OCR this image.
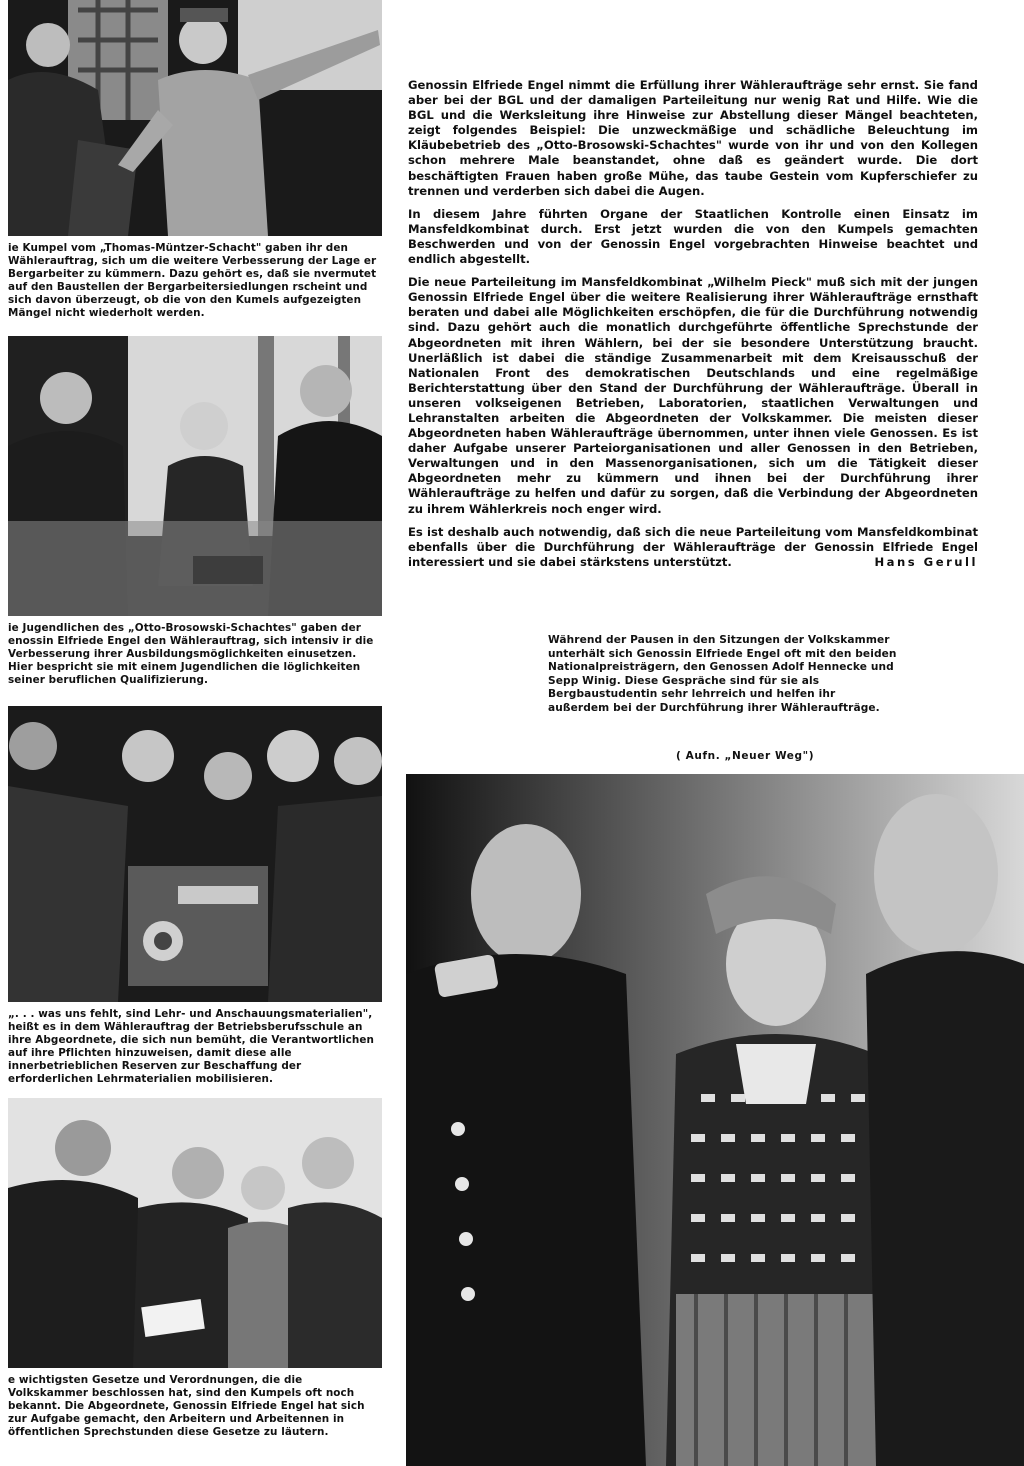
ie Kumpel vom „Thomas-Müntzer-Schacht" gaben ihr den Wählerauftrag, sich um die weitere Verbesserung der Lage er Bergarbeiter zu kümmern. Dazu gehört es, daß sie nvermutet auf den Baustellen der Bergarbeitersiedlungen rscheint und sich davon überzeugt, ob die von den Kumels aufgezeigten Mängel nicht wiederholt werden.

ie Jugendlichen des „Otto-Brosowski-Schachtes" gaben der enossin Elfriede Engel den Wählerauftrag, sich intensiv ir die Verbesserung ihrer Ausbildungsmöglichkeiten einusetzen. Hier bespricht sie mit einem Jugendlichen die löglichkeiten seiner beruflichen Qualifizierung.

„. . . was uns fehlt, sind Lehr- und Anschauungsmaterialien", heißt es in dem Wählerauftrag der Betriebsberufsschule an ihre Abgeordnete, die sich nun bemüht, die Verantwortlichen auf ihre Pflichten hinzuweisen, damit diese alle innerbetrieblichen Reserven zur Beschaffung der erforderlichen Lehrmaterialien mobilisieren.

e wichtigsten Gesetze und Verordnungen, die die Volkskammer beschlossen hat, sind den Kumpels oft noch bekannt. Die Abgeordnete, Genossin Elfriede Engel hat sich zur Aufgabe gemacht, den Arbeitern und Arbeitennen in öffentlichen Sprechstunden diese Gesetze zu läutern.

Genossin Elfriede Engel nimmt die Erfüllung ihrer Wähleraufträge sehr ernst. Sie fand aber bei der BGL und der damaligen Parteileitung nur wenig Rat und Hilfe. Wie die BGL und die Werksleitung ihre Hinweise zur Abstellung dieser Mängel beachteten, zeigt folgendes Beispiel: Die unzweckmäßige und schädliche Beleuchtung im Kläubebetrieb des „Otto-Brosowski-Schachtes" wurde von ihr und von den Kollegen schon mehrere Male beanstandet, ohne daß es geändert wurde. Die dort beschäftigten Frauen haben große Mühe, das taube Gestein vom Kupferschiefer zu trennen und verderben sich dabei die Augen.

In diesem Jahre führten Organe der Staatlichen Kontrolle einen Einsatz im Mansfeldkombinat durch. Erst jetzt wurden die von den Kumpels gemachten Beschwerden und von der Genossin Engel vorgebrachten Hinweise beachtet und endlich abgestellt.

Die neue Parteileitung im Mansfeldkombinat „Wilhelm Pieck" muß sich mit der jungen Genossin Elfriede Engel über die weitere Realisierung ihrer Wähleraufträge ernsthaft beraten und dabei alle Möglichkeiten erschöpfen, die für die Durchführung notwendig sind. Dazu gehört auch die monatlich durchgeführte öffentliche Sprechstunde der Abgeordneten mit ihren Wählern, bei der sie besondere Unterstützung braucht. Unerläßlich ist dabei die ständige Zusammenarbeit mit dem Kreisausschuß der Nationalen Front des demokratischen Deutschlands und eine regelmäßige Berichterstattung über den Stand der Durchführung der Wähleraufträge. Überall in unseren volkseigenen Betrieben, Laboratorien, staatlichen Verwaltungen und Lehranstalten arbeiten die Abgeordneten der Volkskammer. Die meisten dieser Abgeordneten haben Wähleraufträge übernommen, unter ihnen viele Genossen. Es ist daher Aufgabe unserer Parteiorganisationen und aller Genossen in den Betrieben, Verwaltungen und in den Massenorganisationen, sich um die Tätigkeit dieser Abgeordneten mehr zu kümmern und ihnen bei der Durchführung ihrer Wähleraufträge zu helfen und dafür zu sorgen, daß die Verbindung der Abgeordneten zu ihrem Wählerkreis noch enger wird.

Es ist deshalb auch notwendig, daß sich die neue Parteileitung vom Mansfeldkombinat ebenfalls über die Durchführung der Wähleraufträge der Genossin Elfriede Engel interessiert und sie dabei stärkstens unterstützt.	Hans Gerull

Während der Pausen in den Sitzungen der Volkskammer unterhält sich Genossin Elfriede Engel oft mit den beiden Nationalpreisträgern, den Genossen Adolf Hennecke und Sepp Winig. Diese Gespräche sind für sie als Bergbaustudentin sehr lehrreich und helfen ihr außerdem bei der Durchführung ihrer Wähleraufträge.

( Aufn. „Neuer Weg")
